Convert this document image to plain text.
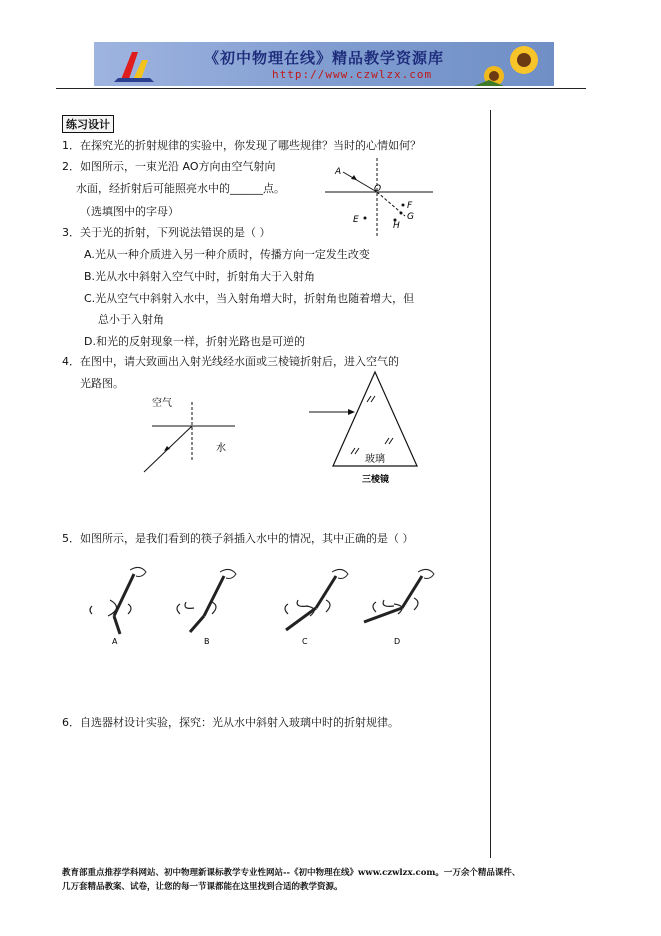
《初中物理在线》精品教学资源库
http://www.czwlzx.com
练习设计
1．在探究光的折射规律的实验中，你发现了哪些规律？当时的心情如何？
2．如图所示，一束光沿 AO方向由空气射向
水面，经折射后可能照亮水中的______点。
（选填图中的字母）
A
O
F
G
H
E
3．关于光的折射，下列说法错误的是（ ）
A.光从一种介质进入另一种介质时，传播方向一定发生改变
B.光从水中斜射入空气中时，折射角大于入射角
C.光从空气中斜射入水中，当入射角增大时，折射角也随着增大，但
总小于入射角
D.和光的反射现象一样，折射光路也是可逆的
4．在图中，请大致画出入射光线经水面或三棱镜折射后，进入空气的
光路图。
空气
水
玻璃
三棱镜
5．如图所示，是我们看到的筷子斜插入水中的情况，其中正确的是（ ）
A	B	C	D
6．自选器材设计实验，探究：光从水中斜射入玻璃中时的折射规律。
教育部重点推荐学科网站、初中物理新课标教学专业性网站--《初中物理在线》www.czwlzx.com。一万余个精品课件、
几万套精品教案、试卷，让您的每一节课都能在这里找到合适的教学资源。
